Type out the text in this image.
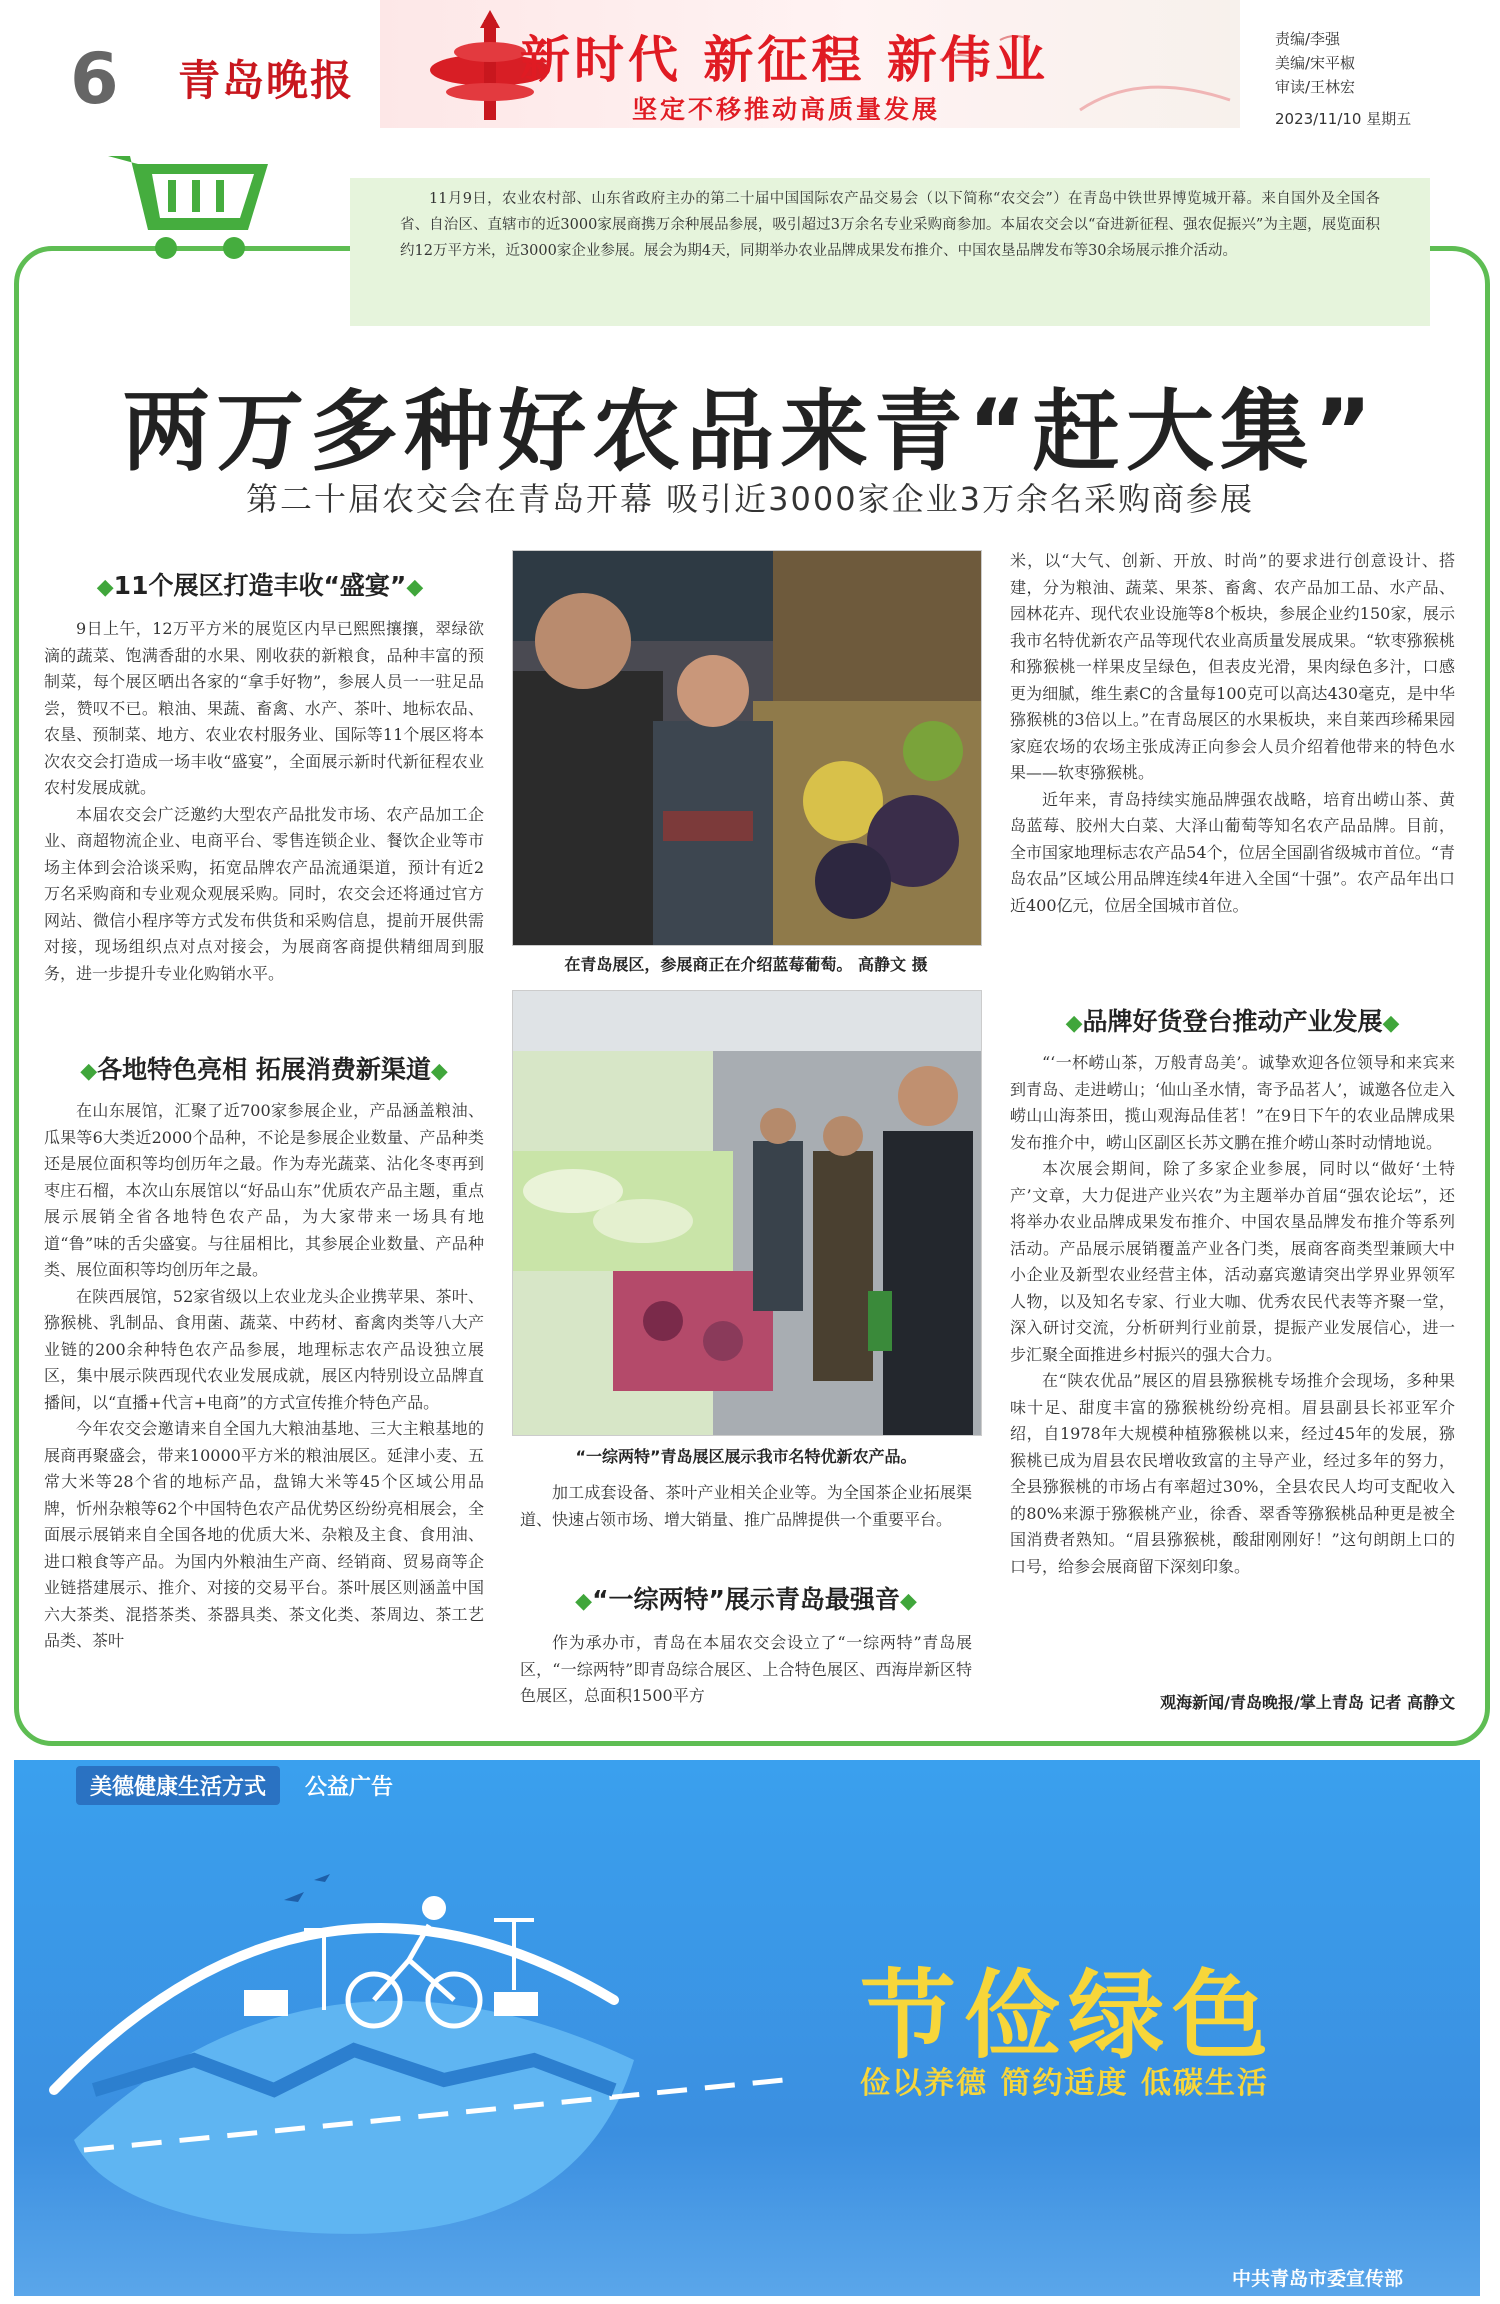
6 青岛晚报	新时代 新征程 新伟业
坚定不移推动高质量发展
责编/李强
美编/宋平椒
审读/王林宏
2023/11/10 星期五
11月9日，农业农村部、山东省政府主办的第二十届中国国际农产品交易会（以下简称“农交会”）在青岛中铁世界博览城开幕。来自国外及全国各省、自治区、直辖市的近3000家展商携万余种展品参展，吸引超过3万余名专业采购商参加。本届农交会以“奋进新征程、强农促振兴”为主题，展览面积约12万平方米，近3000家企业参展。展会为期4天，同期举办农业品牌成果发布推介、中国农垦品牌发布等30余场展示推介活动。
两万多种好农品来青“赶大集”
第二十届农交会在青岛开幕 吸引近3000家企业3万余名采购商参展
◆11个展区打造丰收“盛宴”◆

9日上午，12万平方米的展览区内早已熙熙攘攘，翠绿欲滴的蔬菜、饱满香甜的水果、刚收获的新粮食，品种丰富的预制菜，每个展区晒出各家的“拿手好物”，参展人员一一驻足品尝，赞叹不已。粮油、果蔬、畜禽、水产、茶叶、地标农品、农垦、预制菜、地方、农业农村服务业、国际等11个展区将本次农交会打造成一场丰收“盛宴”，全面展示新时代新征程农业农村发展成就。

本届农交会广泛邀约大型农产品批发市场、农产品加工企业、商超物流企业、电商平台、零售连锁企业、餐饮企业等市场主体到会洽谈采购，拓宽品牌农产品流通渠道，预计有近2万名采购商和专业观众观展采购。同时，农交会还将通过官方网站、微信小程序等方式发布供货和采购信息，提前开展供需对接，现场组织点对点对接会，为展商客商提供精细周到服务，进一步提升专业化购销水平。

◆各地特色亮相 拓展消费新渠道◆

在山东展馆，汇聚了近700家参展企业，产品涵盖粮油、瓜果等6大类近2000个品种，不论是参展企业数量、产品种类还是展位面积等均创历年之最。作为寿光蔬菜、沾化冬枣再到枣庄石榴，本次山东展馆以“好品山东”优质农产品主题，重点展示展销全省各地特色农产品，为大家带来一场具有地道“鲁”味的舌尖盛宴。与往届相比，其参展企业数量、产品种类、展位面积等均创历年之最。

在陕西展馆，52家省级以上农业龙头企业携苹果、茶叶、猕猴桃、乳制品、食用菌、蔬菜、中药材、畜禽肉类等八大产业链的200余种特色农产品参展，地理标志农产品设独立展区，集中展示陕西现代农业发展成就，展区内特别设立品牌直播间，以“直播+代言+电商”的方式宣传推介特色产品。

今年农交会邀请来自全国九大粮油基地、三大主粮基地的展商再聚盛会，带来10000平方米的粮油展区。延津小麦、五常大米等28个省的地标产品，盘锦大米等45个区域公用品牌，忻州杂粮等62个中国特色农产品优势区纷纷亮相展会，全面展示展销来自全国各地的优质大米、杂粮及主食、食用油、进口粮食等产品。为国内外粮油生产商、经销商、贸易商等企业链搭建展示、推介、对接的交易平台。茶叶展区则涵盖中国六大茶类、混搭茶类、茶器具类、茶文化类、茶周边、茶工艺品类、茶叶

在青岛展区，参展商正在介绍蓝莓葡萄。 高静文 摄
“一综两特”青岛展区展示我市名特优新农产品。

加工成套设备、茶叶产业相关企业等。为全国茶企业拓展渠道、快速占领市场、增大销量、推广品牌提供一个重要平台。

◆“一综两特”展示青岛最强音◆

作为承办市，青岛在本届农交会设立了“一综两特”青岛展区，“一综两特”即青岛综合展区、上合特色展区、西海岸新区特色展区，总面积1500平方

米，以“大气、创新、开放、时尚”的要求进行创意设计、搭建，分为粮油、蔬菜、果茶、畜禽、农产品加工品、水产品、园林花卉、现代农业设施等8个板块，参展企业约150家，展示我市名特优新农产品等现代农业高质量发展成果。“软枣猕猴桃和猕猴桃一样果皮呈绿色，但表皮光滑，果肉绿色多汁，口感更为细腻，维生素C的含量每100克可以高达430毫克，是中华猕猴桃的3倍以上。”在青岛展区的水果板块，来自莱西珍稀果园家庭农场的农场主张成涛正向参会人员介绍着他带来的特色水果——软枣猕猴桃。

近年来，青岛持续实施品牌强农战略，培育出崂山茶、黄岛蓝莓、胶州大白菜、大泽山葡萄等知名农产品品牌。目前，全市国家地理标志农产品54个，位居全国副省级城市首位。“青岛农品”区域公用品牌连续4年进入全国“十强”。农产品年出口近400亿元，位居全国城市首位。

◆品牌好货登台推动产业发展◆

“‘一杯崂山茶，万般青岛美’。诚挚欢迎各位领导和来宾来到青岛、走进崂山；‘仙山圣水情，寄予品茗人’，诚邀各位走入崂山山海茶田，揽山观海品佳茗！”在9日下午的农业品牌成果发布推介中，崂山区副区长苏文鹏在推介崂山茶时动情地说。

本次展会期间，除了多家企业参展，同时以“做好‘土特产’文章，大力促进产业兴农”为主题举办首届“强农论坛”，还将举办农业品牌成果发布推介、中国农垦品牌发布推介等系列活动。产品展示展销覆盖产业各门类，展商客商类型兼顾大中小企业及新型农业经营主体，活动嘉宾邀请突出学界业界领军人物，以及知名专家、行业大咖、优秀农民代表等齐聚一堂，深入研讨交流，分析研判行业前景，提振产业发展信心，进一步汇聚全面推进乡村振兴的强大合力。

在“陕农优品”展区的眉县猕猴桃专场推介会现场，多种果味十足、甜度丰富的猕猴桃纷纷亮相。眉县副县长祁亚军介绍，自1978年大规模种植猕猴桃以来，经过45年的发展，猕猴桃已成为眉县农民增收致富的主导产业，经过多年的努力，全县猕猴桃的市场占有率超过30%，全县农民人均可支配收入的80%来源于猕猴桃产业，徐香、翠香等猕猴桃品种更是被全国消费者熟知。“眉县猕猴桃，酸甜刚刚好！”这句朗朗上口的口号，给参会展商留下深刻印象。

观海新闻/青岛晚报/掌上青岛 记者 高静文
美德健康生活方式	公益广告
节俭绿色
俭以养德 简约适度 低碳生活
中共青岛市委宣传部
